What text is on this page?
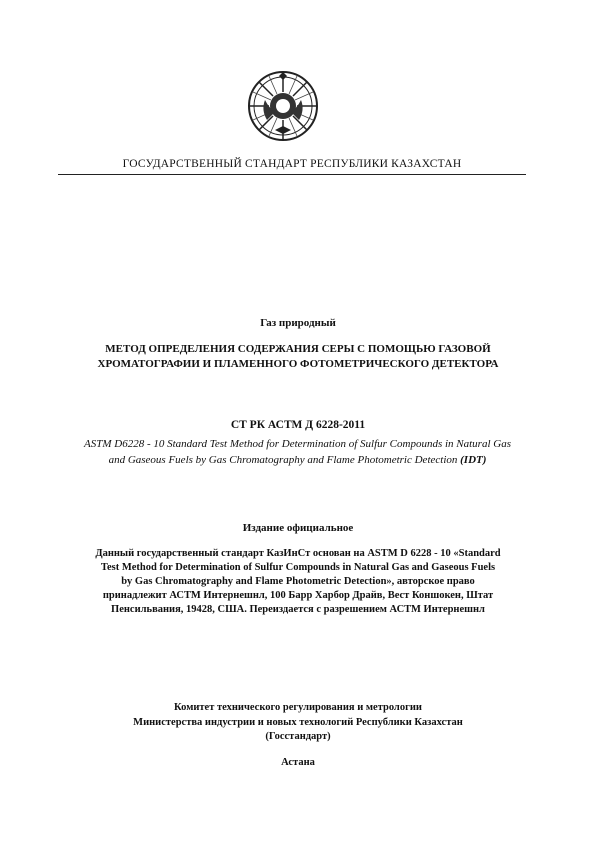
ГОСУДАРСТВЕННЫЙ СТАНДАРТ РЕСПУБЛИКИ КАЗАХСТАН
Газ природный
МЕТОД ОПРЕДЕЛЕНИЯ СОДЕРЖАНИЯ СЕРЫ С ПОМОЩЬЮ ГАЗОВОЙ
ХРОМАТОГРАФИИ И ПЛАМЕННОГО ФОТОМЕТРИЧЕСКОГО ДЕТЕКТОРА
СТ РК АСТМ Д 6228-2011
ASTM D6228 - 10 Standard Test Method for Determination of Sulfur Compounds in Natural Gas
and Gaseous Fuels by Gas Chromatography and Flame Photometric Detection (IDT)
Издание официальное
Данный государственный стандарт КазИнСт основан на ASTM D 6228 - 10 «Standard
Test Method for Determination of Sulfur Compounds in Natural Gas and Gaseous Fuels
by Gas Chromatography and Flame Photometric Detection», авторское право
принадлежит АСТМ Интернешнл, 100 Барр Харбор Драйв, Вест Коншокен, Штат
Пенсильвания, 19428, США. Переиздается с разрешением АСТМ Интернешнл
Комитет технического регулирования и метрологии
Министерства индустрии и новых технологий Республики Казахстан
(Госстандарт)
Астана
